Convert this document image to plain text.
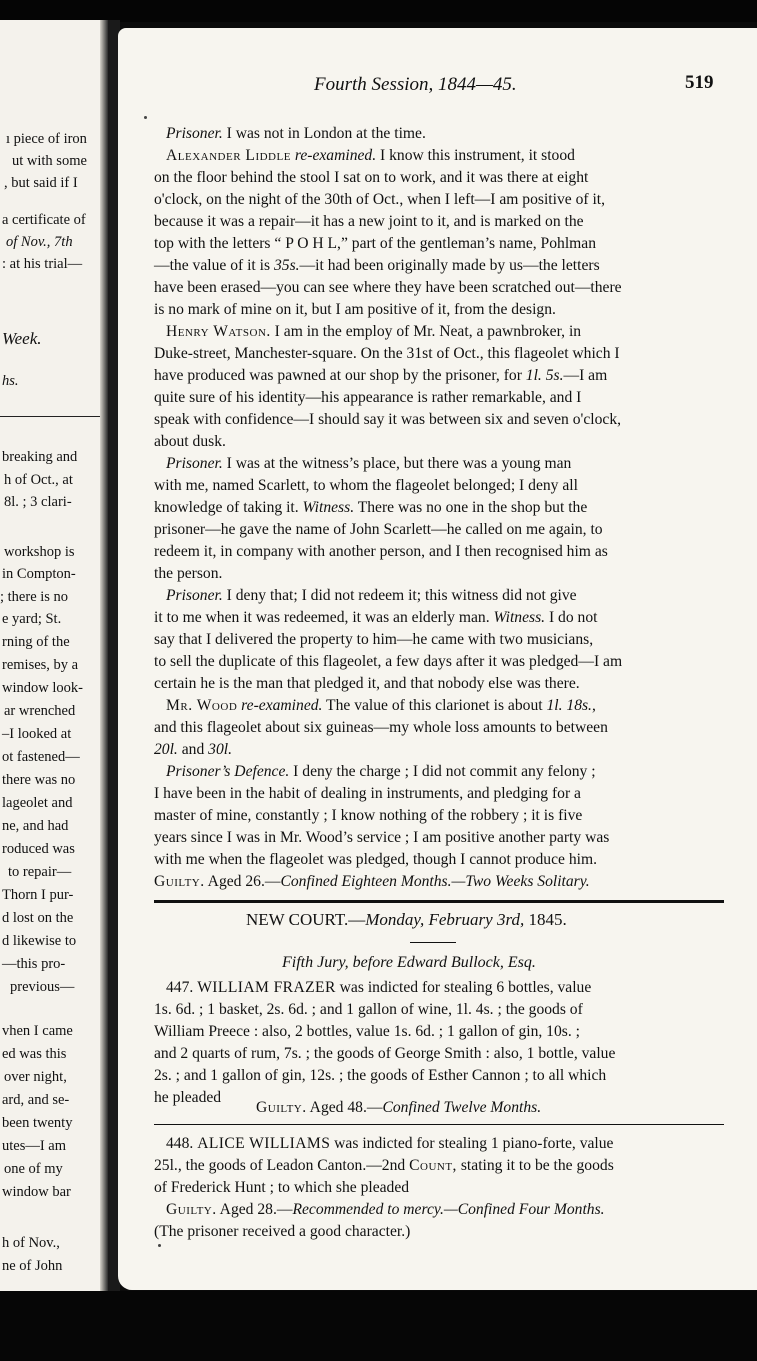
ı piece of iron
ut with some
, but said if I
a certificate of
of Nov., 7th
: at his trial—
Week.
hs.
breaking and
h of Oct., at
8l. ; 3 clari-
workshop is
in Compton-
; there is no
e yard; St.
rning of the
remises, by a
window look-
ar wrenched
–I looked at
ot fastened—
there was no
lageolet and
ne, and had
roduced was
to repair—
Thorn I pur-
d lost on the
d likewise to
—this pro-
previous—
vhen I came
ed was this
over night,
ard, and se-
been twenty
utes—I am
one of my
window bar
h of Nov.,
ne of John
Fourth Session, 1844—45.	519
Prisoner. I was not in London at the time.
Alexander Liddle re-examined. I know this instrument, it stood
on the floor behind the stool I sat on to work, and it was there at eight
o'clock, on the night of the 30th of Oct., when I left—I am positive of it,
because it was a repair—it has a new joint to it, and is marked on the
top with the letters “ P O H L,” part of the gentleman’s name, Pohlman
—the value of it is 35s.—it had been originally made by us—the letters
have been erased—you can see where they have been scratched out—there
is no mark of mine on it, but I am positive of it, from the design.
Henry Watson. I am in the employ of Mr. Neat, a pawnbroker, in
Duke-street, Manchester-square. On the 31st of Oct., this flageolet which I
have produced was pawned at our shop by the prisoner, for 1l. 5s.—I am
quite sure of his identity—his appearance is rather remarkable, and I
speak with confidence—I should say it was between six and seven o'clock,
about dusk.
Prisoner. I was at the witness’s place, but there was a young man
with me, named Scarlett, to whom the flageolet belonged; I deny all
knowledge of taking it. Witness. There was no one in the shop but the
prisoner—he gave the name of John Scarlett—he called on me again, to
redeem it, in company with another person, and I then recognised him as
the person.
Prisoner. I deny that; I did not redeem it; this witness did not give
it to me when it was redeemed, it was an elderly man. Witness. I do not
say that I delivered the property to him—he came with two musicians,
to sell the duplicate of this flageolet, a few days after it was pledged—I am
certain he is the man that pledged it, and that nobody else was there.
Mr. Wood re-examined. The value of this clarionet is about 1l. 18s.,
and this flageolet about six guineas—my whole loss amounts to between
20l. and 30l.
Prisoner’s Defence. I deny the charge ; I did not commit any felony ;
I have been in the habit of dealing in instruments, and pledging for a
master of mine, constantly ; I know nothing of the robbery ; it is five
years since I was in Mr. Wood’s service ; I am positive another party was
with me when the flageolet was pledged, though I cannot produce him.
Guilty. Aged 26.—Confined Eighteen Months.—Two Weeks Solitary.
NEW COURT.—Monday, February 3rd, 1845.
Fifth Jury, before Edward Bullock, Esq.
447. WILLIAM FRAZER was indicted for stealing 6 bottles, value
1s. 6d. ; 1 basket, 2s. 6d. ; and 1 gallon of wine, 1l. 4s. ; the goods of
William Preece : also, 2 bottles, value 1s. 6d. ; 1 gallon of gin, 10s. ;
and 2 quarts of rum, 7s. ; the goods of George Smith : also, 1 bottle, value
2s. ; and 1 gallon of gin, 12s. ; the goods of Esther Cannon ; to all which
he pleaded
Guilty. Aged 48.—Confined Twelve Months.
448. ALICE WILLIAMS was indicted for stealing 1 piano-forte, value
25l., the goods of Leadon Canton.—2nd Count, stating it to be the goods
of Frederick Hunt ; to which she pleaded
Guilty. Aged 28.—Recommended to mercy.—Confined Four Months.
(The prisoner received a good character.)
